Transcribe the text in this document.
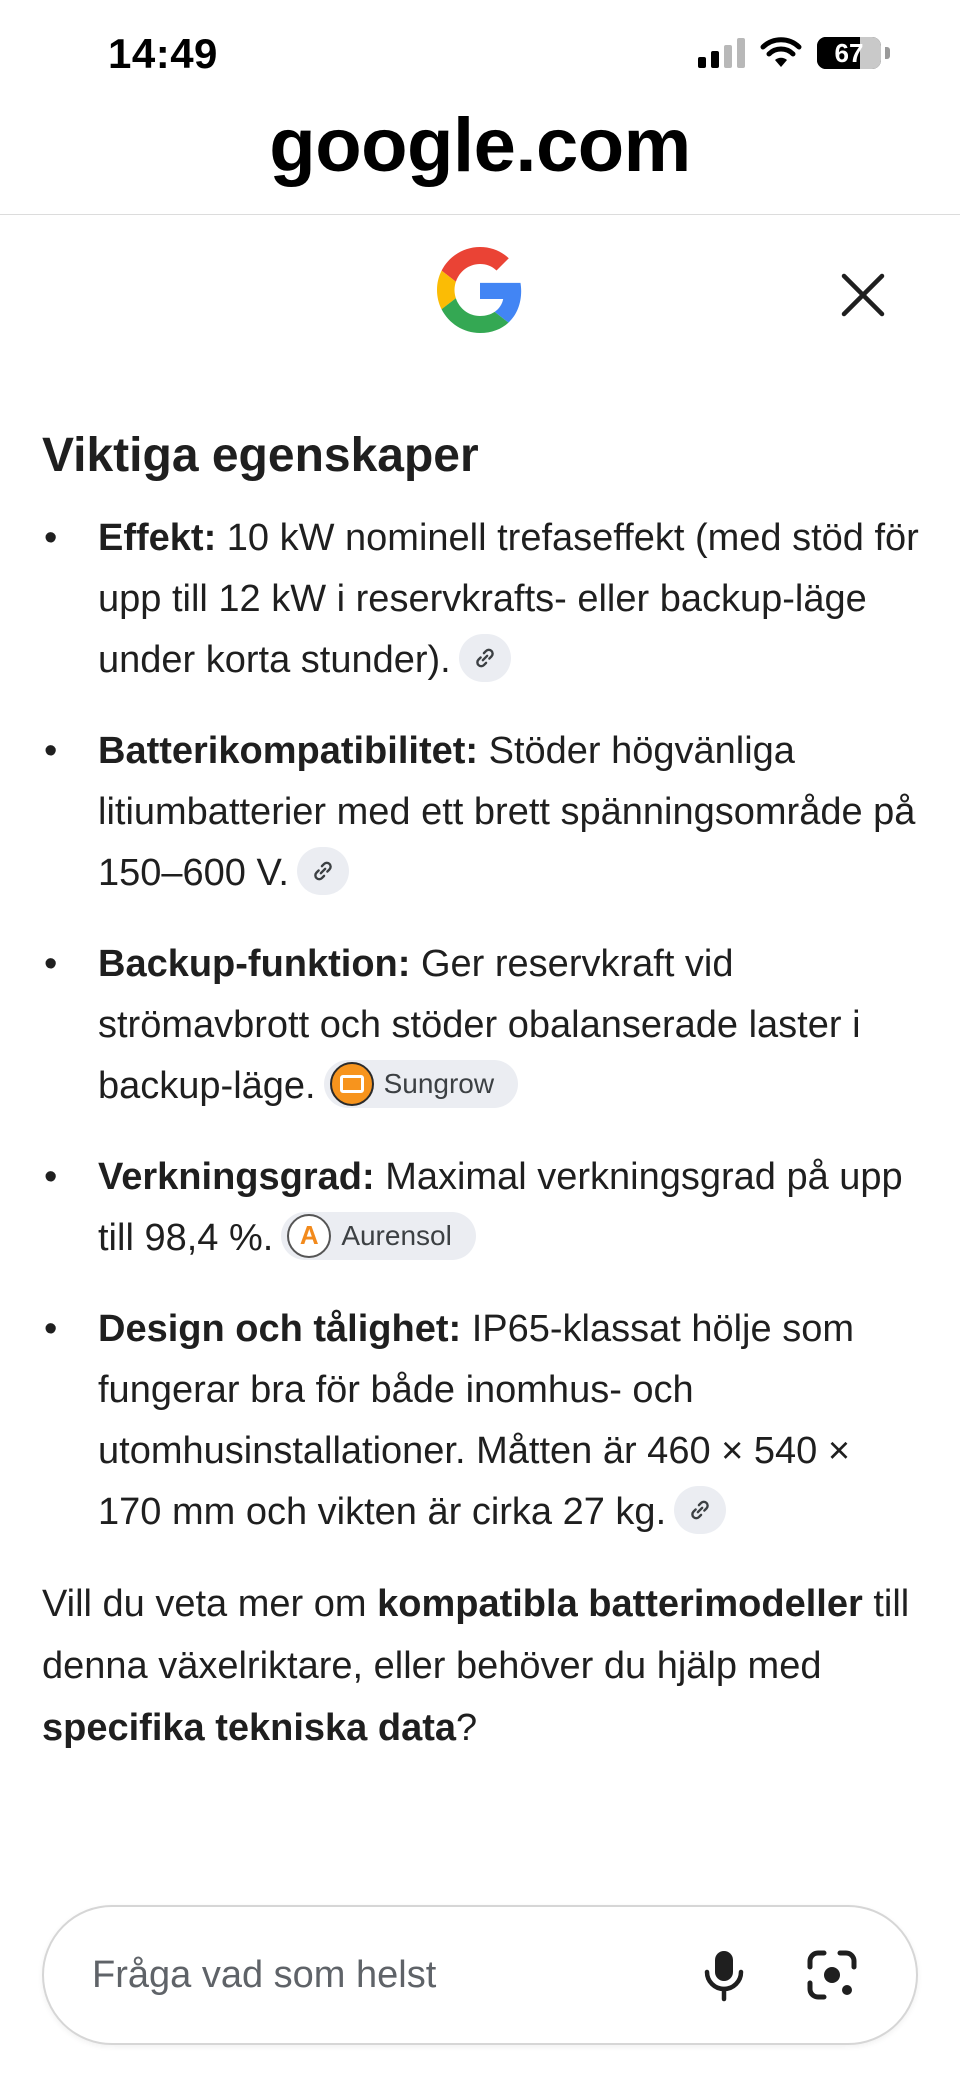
14:49	67
google.com
Viktiga egenskaper
• Effekt: 10 kW nominell trefaseffekt (med stöd för upp till 12 kW i reservkrafts- eller backup-läge under korta stunder).
• Batterikompatibilitet: Stöder högvänliga litiumbatterier med ett brett spänningsområde på 150–600 V.
• Backup-funktion: Ger reservkraft vid strömavbrott och stöder obalanserade laster i backup-läge. Sungrow
• Verkningsgrad: Maximal verkningsgrad på upp till 98,4 %.	A Aurensol
• Design och tålighet: IP65-klassat hölje som fungerar bra för både inomhus- och utomhusinstallationer. Måtten är 460 × 540 × 170 mm och vikten är cirka 27 kg.

Vill du veta mer om kompatibla batterimodeller till denna växelriktare, eller behöver du hjälp med specifika tekniska data?

Fråga vad som helst
